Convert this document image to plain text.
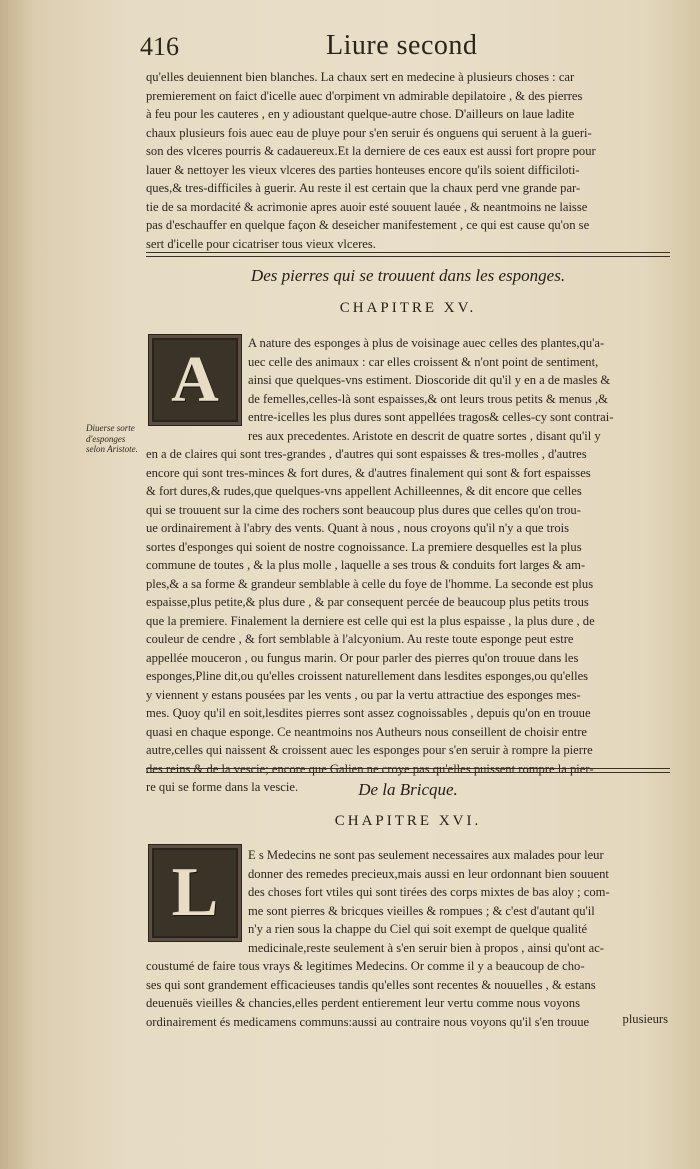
416	Liure second

qu'elles deuiennent bien blanches. La chaux sert en medecine à plusieurs choses : car

premierement on faict d'icelle auec d'orpiment vn admirable depilatoire , & des pierres

à feu pour les cauteres , en y adioustant quelque-autre chose. D'ailleurs on laue ladite

chaux plusieurs fois auec eau de pluye pour s'en seruir és onguens qui seruent à la gueri-

son des vlceres pourris & cadauereux.Et la derniere de ces eaux est aussi fort propre pour

lauer & nettoyer les vieux vlceres des parties honteuses encore qu'ils soient difficiloti-

ques,& tres-difficiles à guerir. Au reste il est certain que la chaux perd vne grande par-

tie de sa mordacité & acrimonie apres auoir esté souuent lauée , & neantmoins ne laisse

pas d'eschauffer en quelque façon & deseicher manifestement , ce qui est cause qu'on se

sert d'icelle pour cicatriser tous vieux vlceres.

Des pierres qui se trouuent dans les esponges.
CHAPITRE XV.
A
Diuerse sorte d'esponges selon Aristote.

A nature des esponges à plus de voisinage auec celles des plantes,qu'a-

uec celle des animaux : car elles croissent & n'ont point de sentiment,

ainsi que quelques-vns estiment. Dioscoride dit qu'il y en a de masles &

de femelles,celles-là sont espaisses,& ont leurs trous petits & menus ,&

entre-icelles les plus dures sont appellées tragos& celles-cy sont contrai-

res aux precedentes. Aristote en descrit de quatre sortes , disant qu'il y

en a de claires qui sont tres-grandes , d'autres qui sont espaisses & tres-molles , d'autres

encore qui sont tres-minces & fort dures, & d'autres finalement qui sont & fort espaisses

& fort dures,& rudes,que quelques-vns appellent Achilleennes, & dit encore que celles

qui se trouuent sur la cime des rochers sont beaucoup plus dures que celles qu'on trou-

ue ordinairement à l'abry des vents. Quant à nous , nous croyons qu'il n'y a que trois

sortes d'esponges qui soient de nostre cognoissance. La premiere desquelles est la plus

commune de toutes , & la plus molle , laquelle a ses trous & conduits fort larges & am-

ples,& a sa forme & grandeur semblable à celle du foye de l'homme. La seconde est plus

espaisse,plus petite,& plus dure , & par consequent percée de beaucoup plus petits trous

que la premiere. Finalement la derniere est celle qui est la plus espaisse , la plus dure , de

couleur de cendre , & fort semblable à l'alcyonium. Au reste toute esponge peut estre

appellée mouceron , ou fungus marin. Or pour parler des pierres qu'on trouue dans les

esponges,Pline dit,ou qu'elles croissent naturellement dans lesdites esponges,ou qu'elles

y viennent y estans pousées par les vents , ou par la vertu attractiue des esponges mes-

mes. Quoy qu'il en soit,lesdites pierres sont assez cognoissables , depuis qu'on en trouue

quasi en chaque esponge. Ce neantmoins nos Autheurs nous conseillent de choisir entre

autre,celles qui naissent & croissent auec les esponges pour s'en seruir à rompre la pierre

des reins & de la vescie; encore que Galien ne croye pas qu'elles puissent rompre la pier-

re qui se forme dans la vescie.	De la Bricque.
CHAPITRE XVI.
L E s Medecins ne sont pas seulement necessaires aux malades pour leur

donner des remedes precieux,mais aussi en leur ordonnant bien souuent

des choses fort vtiles qui sont tirées des corps mixtes de bas aloy ; com-

me sont pierres & bricques vieilles & rompues ; & c'est d'autant qu'il

n'y a rien sous la chappe du Ciel qui soit exempt de quelque qualité

medicinale,reste seulement à s'en seruir bien à propos , ainsi qu'ont ac-

coustumé de faire tous vrays & legitimes Medecins. Or comme il y a beaucoup de cho-

ses qui sont grandement efficacieuses tandis qu'elles sont recentes & nouuelles , & estans

deuenuës vieilles & chancies,elles perdent entierement leur vertu comme nous voyons

ordinairement és medicamens communs:aussi au contraire nous voyons qu'il s'en trouue	plusieurs
